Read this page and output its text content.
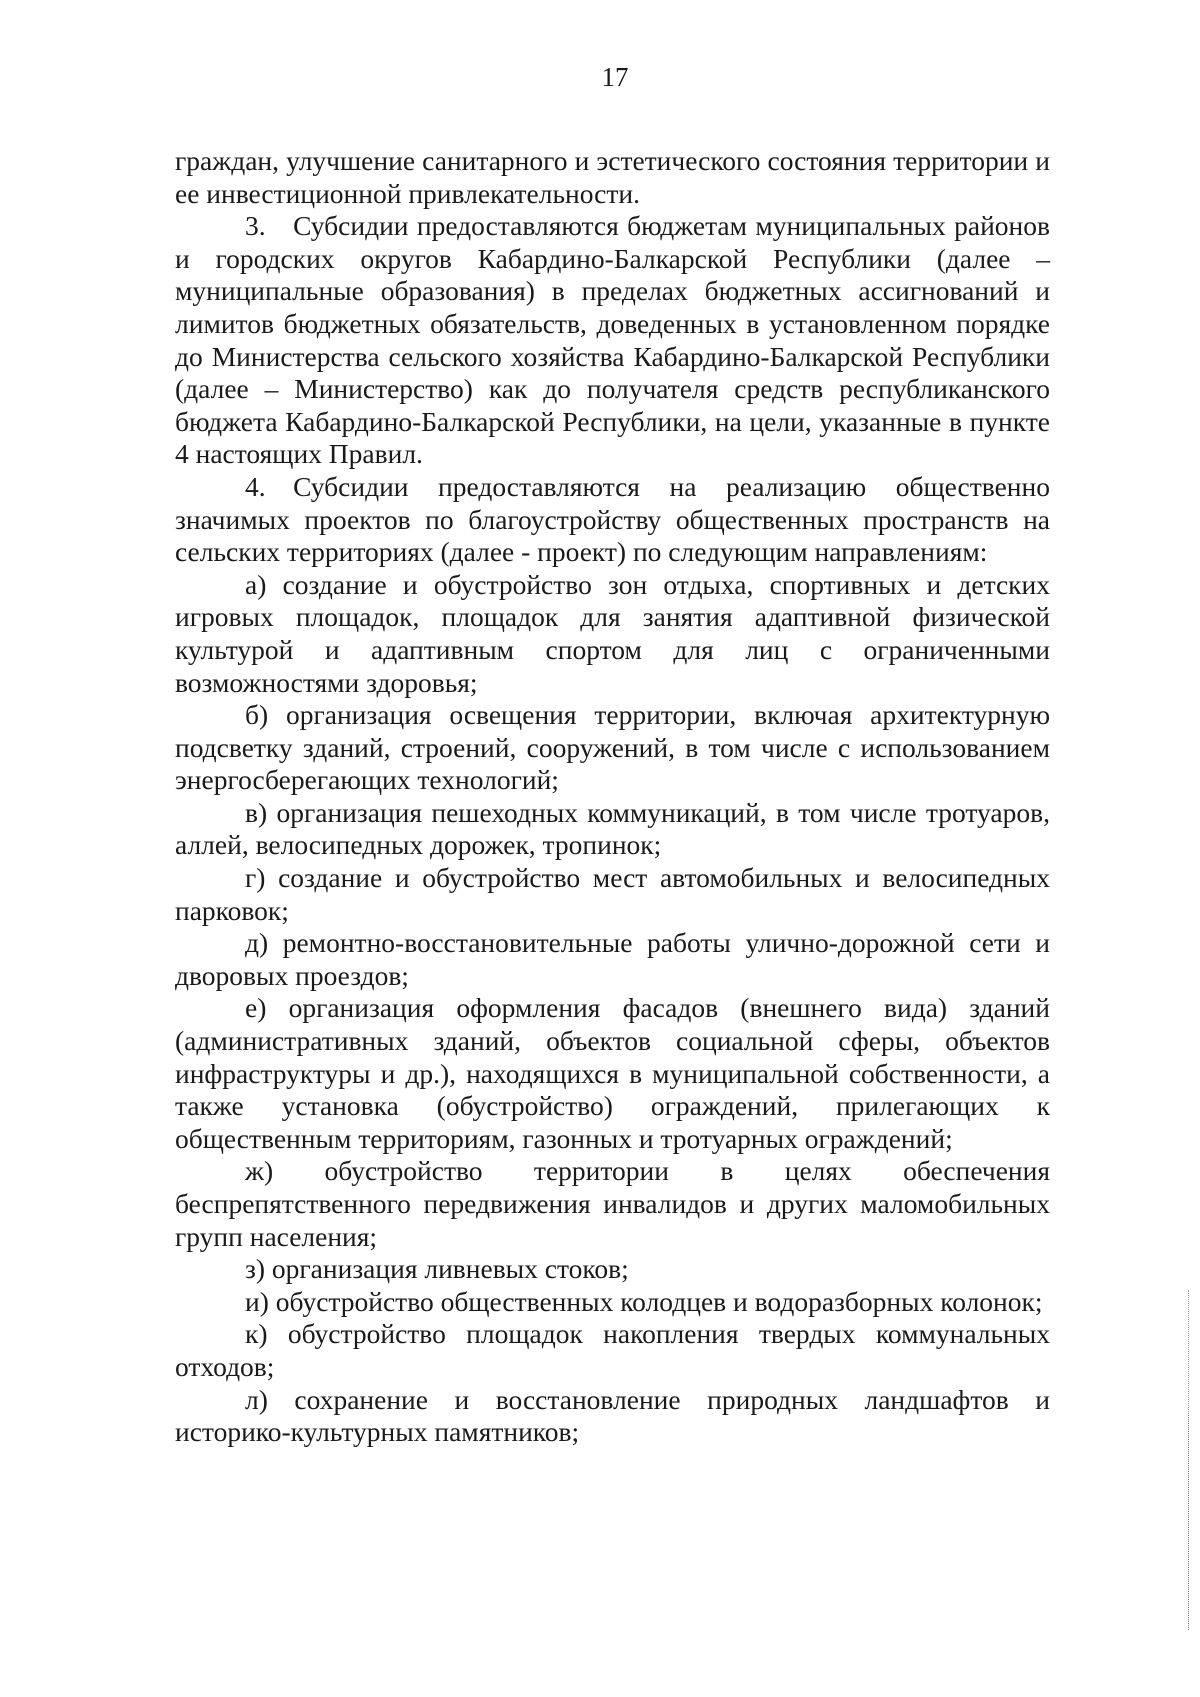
17

граждан, улучшение санитарного и эстетического состояния территории и ее инвестиционной привлекательности.

3. Субсидии предоставляются бюджетам муниципальных районов и городских округов Кабардино-Балкарской Республики (далее – муниципальные образования) в пределах бюджетных ассигнований и лимитов бюджетных обязательств, доведенных в установленном порядке до Министерства сельского хозяйства Кабардино-Балкарской Республики (далее – Министерство) как до получателя средств республиканского бюджета Кабардино-Балкарской Республики, на цели, указанные в пункте 4 настоящих Правил.

4. Субсидии предоставляются на реализацию общественно значимых проектов по благоустройству общественных пространств на сельских территориях (далее - проект) по следующим направлениям:

а) создание и обустройство зон отдыха, спортивных и детских игровых площадок, площадок для занятия адаптивной физической культурой и адаптивным спортом для лиц с ограниченными возможностями здоровья;

б) организация освещения территории, включая архитектурную подсветку зданий, строений, сооружений, в том числе с использованием энергосберегающих технологий;

в) организация пешеходных коммуникаций, в том числе тротуаров, аллей, велосипедных дорожек, тропинок;

г) создание и обустройство мест автомобильных и велосипедных парковок;

д) ремонтно-восстановительные работы улично-дорожной сети и дворовых проездов;

е) организация оформления фасадов (внешнего вида) зданий (административных зданий, объектов социальной сферы, объектов инфраструктуры и др.), находящихся в муниципальной собственности, а также установка (обустройство) ограждений, прилегающих к общественным территориям, газонных и тротуарных ограждений;

ж) обустройство территории в целях обеспечения беспрепятственного передвижения инвалидов и других маломобильных групп населения;

з) организация ливневых стоков;

и) обустройство общественных колодцев и водоразборных колонок;

к) обустройство площадок накопления твердых коммунальных отходов;

л) сохранение и восстановление природных ландшафтов и историко-культурных памятников;
